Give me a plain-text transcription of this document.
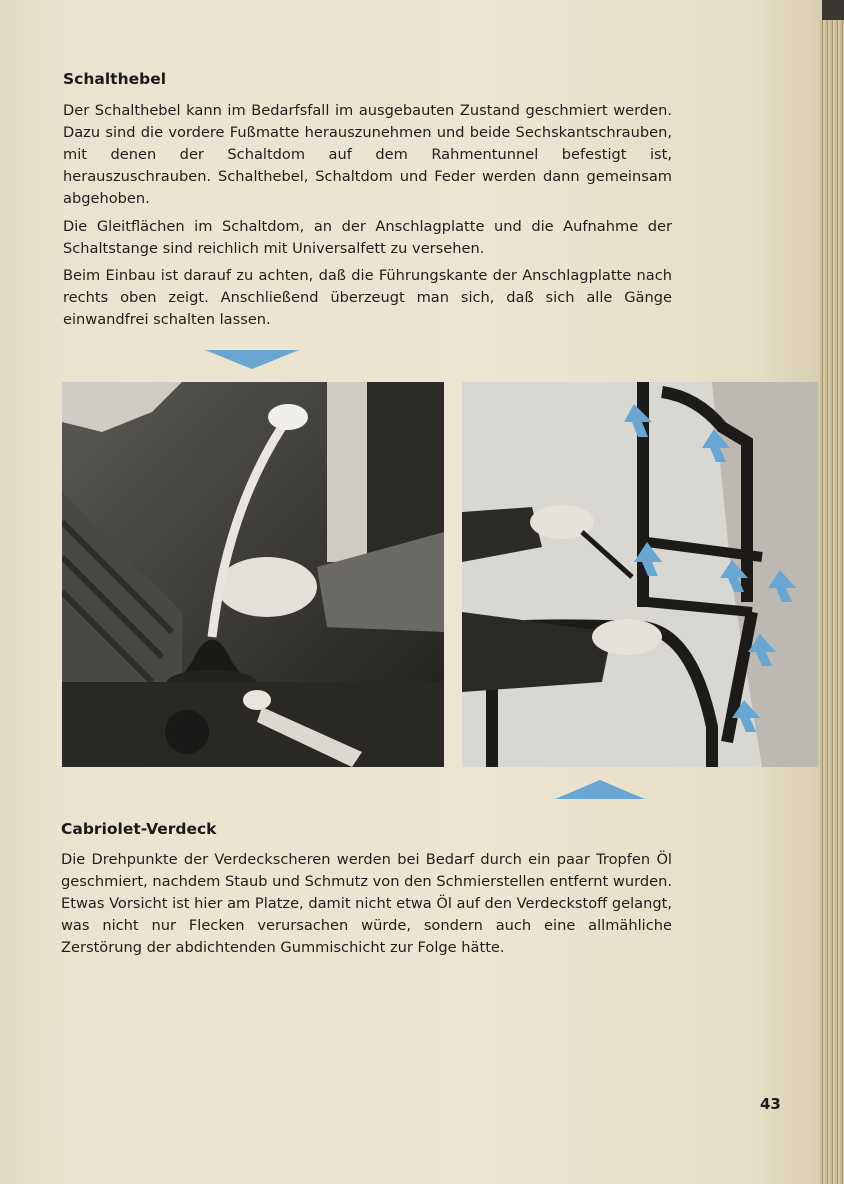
Schalthebel

Der Schalthebel kann im Bedarfsfall im ausgebauten Zustand geschmiert werden. Dazu sind die vordere Fußmatte herauszunehmen und beide Sechskantschrauben, mit denen der Schaltdom auf dem Rahmentunnel befestigt ist, herauszuschrauben. Schalthebel, Schaltdom und Feder werden dann gemeinsam abgehoben.

Die Gleitflächen im Schaltdom, an der Anschlagplatte und die Aufnahme der Schaltstange sind reichlich mit Universalfett zu versehen.

Beim Einbau ist darauf zu achten, daß die Führungskante der Anschlagplatte nach rechts oben zeigt. Anschließend überzeugt man sich, daß sich alle Gänge einwandfrei schalten lassen.

Cabriolet-Verdeck

Die Drehpunkte der Verdeckscheren werden bei Bedarf durch ein paar Tropfen Öl geschmiert, nachdem Staub und Schmutz von den Schmierstellen entfernt wurden. Etwas Vorsicht ist hier am Platze, damit nicht etwa Öl auf den Verdeckstoff gelangt, was nicht nur Flecken verursachen würde, sondern auch eine allmähliche Zerstörung der abdichtenden Gummischicht zur Folge hätte.

43
